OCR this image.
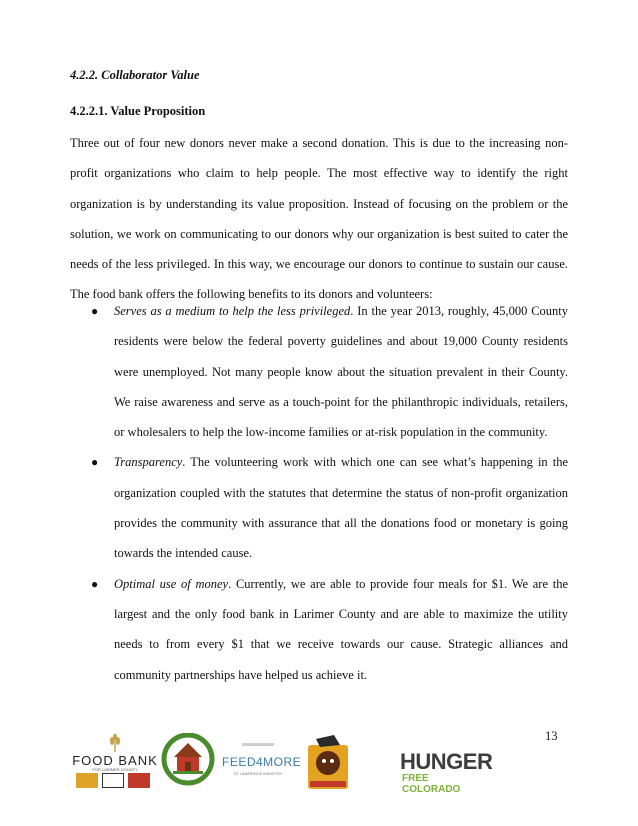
4.2.2. Collaborator Value
4.2.2.1. Value Proposition
Three out of four new donors never make a second donation. This is due to the increasing non-profit organizations who claim to help people. The most effective way to identify the right organization is by understanding its value proposition. Instead of focusing on the problem or the solution, we work on communicating to our donors why our organization is best suited to cater the needs of the less privileged. In this way, we encourage our donors to continue to sustain our cause. The food bank offers the following benefits to its donors and volunteers:
● Serves as a medium to help the less privileged. In the year 2013, roughly, 45,000 County residents were below the federal poverty guidelines and about 19,000 County residents were unemployed. Not many people know about the situation prevalent in their County. We raise awareness and serve as a touch-point for the philanthropic individuals, retailers, or wholesalers to help the low-income families or at-risk population in the community.
● Transparency. The volunteering work with which one can see what’s happening in the organization coupled with the statutes that determine the status of non-profit organization provides the community with assurance that all the donations food or monetary is going towards the intended cause.
● Optimal use of money. Currently, we are able to provide four meals for $1. We are the largest and the only food bank in Larimer County and are able to maximize the utility needs to from every $1 that we receive towards our cause. Strategic alliances and community partnerships have helped us achieve it.
13
FOOD BANK
FOR LARIMER COUNTY
FEED4MORE
ST LAWRENCE MINISTRY	HUNGER
FREE COLORADO
